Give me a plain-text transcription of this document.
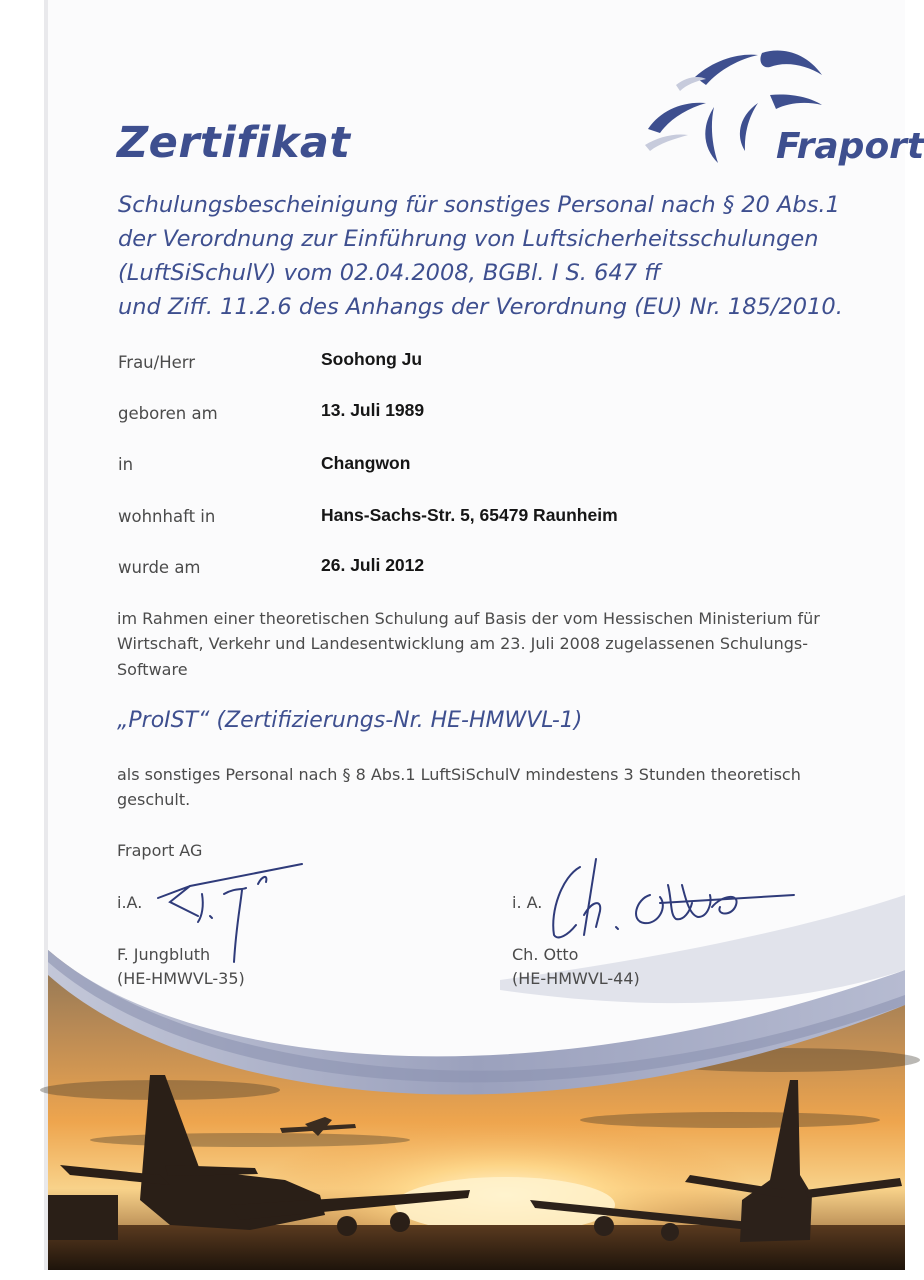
Zertifikat	Fraport

Schulungsbescheinigung für sonstiges Personal nach § 20 Abs.1

der Verordnung zur Einführung von Luftsicherheitsschulungen

(LuftSiSchulV) vom 02.04.2008, BGBl. I S. 647 ff

und Ziff. 11.2.6 des Anhangs der Verordnung (EU) Nr. 185/2010.

Frau/Herr	Soohong Ju

geboren am	13. Juli 1989

in	Changwon

wohnhaft in	Hans-Sachs-Str. 5, 65479 Raunheim

wurde am	26. Juli 2012

im Rahmen einer theoretischen Schulung auf Basis der vom Hessischen Ministerium für

Wirtschaft, Verkehr und Landesentwicklung am 23. Juli 2008 zugelassenen Schulungs-

Software

„ProIST“ (Zertifizierungs-Nr. HE-HMWVL-1)

als sonstiges Personal nach § 8 Abs.1 LuftSiSchulV mindestens 3 Stunden theoretisch

geschult.

Fraport AG

i.A.

F. Jungbluth

(HE-HMWVL-35)

i. A.

Ch. Otto

(HE-HMWVL-44)
